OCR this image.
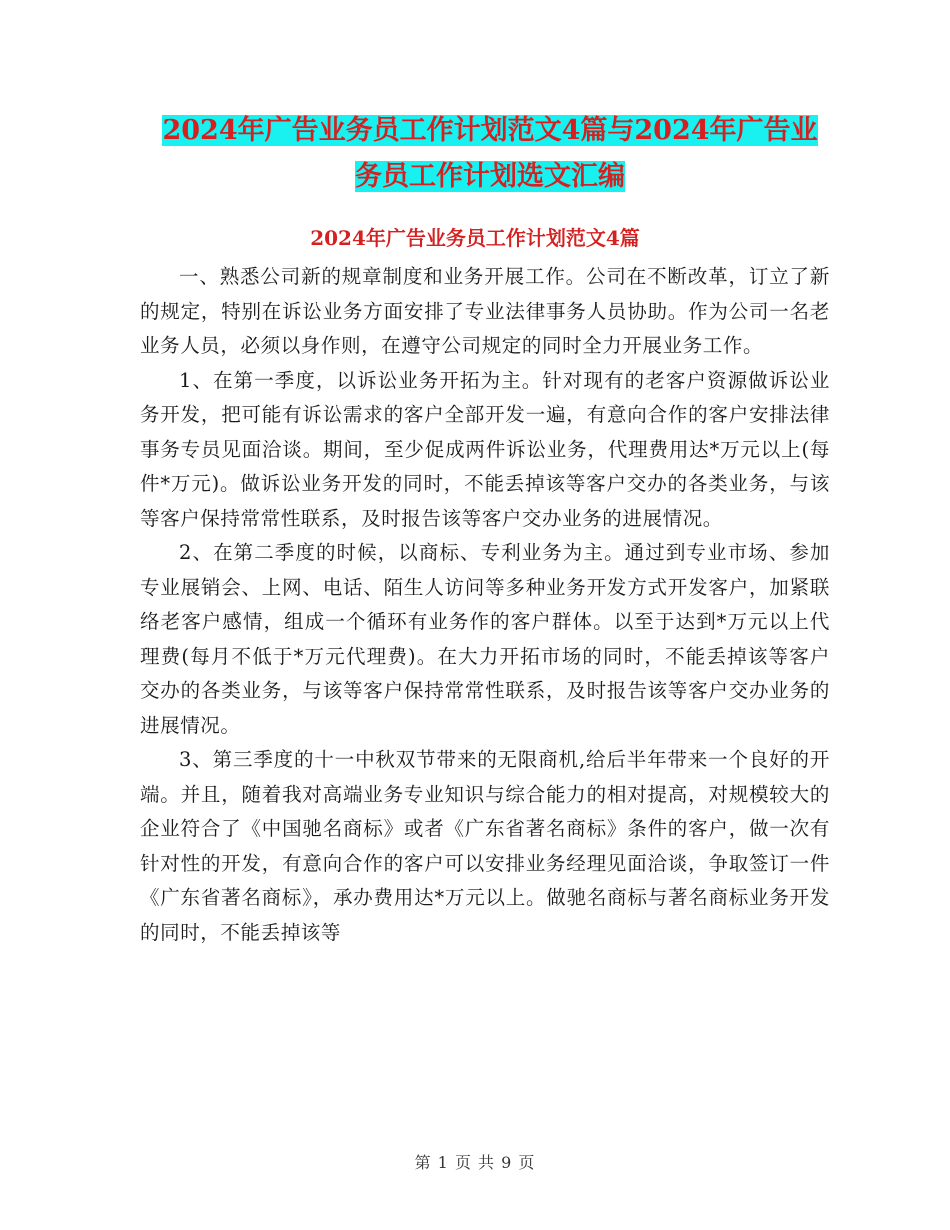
2024年广告业务员工作计划范文4篇与2024年广告业
务员工作计划选文汇编
2024年广告业务员工作计划范文4篇

一、熟悉公司新的规章制度和业务开展工作。公司在不断改革，订立了新的规定，特别在诉讼业务方面安排了专业法律事务人员协助。作为公司一名老业务人员，必须以身作则，在遵守公司规定的同时全力开展业务工作。

1、在第一季度，以诉讼业务开拓为主。针对现有的老客户资源做诉讼业务开发，把可能有诉讼需求的客户全部开发一遍，有意向合作的客户安排法律事务专员见面洽谈。期间，至少促成两件诉讼业务，代理费用达*万元以上(每件*万元)。做诉讼业务开发的同时，不能丢掉该等客户交办的各类业务，与该等客户保持常常性联系，及时报告该等客户交办业务的进展情况。

2、在第二季度的时候，以商标、专利业务为主。通过到专业市场、参加专业展销会、上网、电话、陌生人访问等多种业务开发方式开发客户，加紧联络老客户感情，组成一个循环有业务作的客户群体。以至于达到*万元以上代理费(每月不低于*万元代理费)。在大力开拓市场的同时，不能丢掉该等客户交办的各类业务，与该等客户保持常常性联系，及时报告该等客户交办业务的进展情况。

3、第三季度的十一中秋双节带来的无限商机,给后半年带来一个良好的开端。并且，随着我对高端业务专业知识与综合能力的相对提高，对规模较大的企业符合了《中国驰名商标》或者《广东省著名商标》条件的客户，做一次有针对性的开发，有意向合作的客户可以安排业务经理见面洽谈，争取签订一件《广东省著名商标》，承办费用达*万元以上。做驰名商标与著名商标业务开发的同时，不能丢掉该等

第 1 页 共 9 页
